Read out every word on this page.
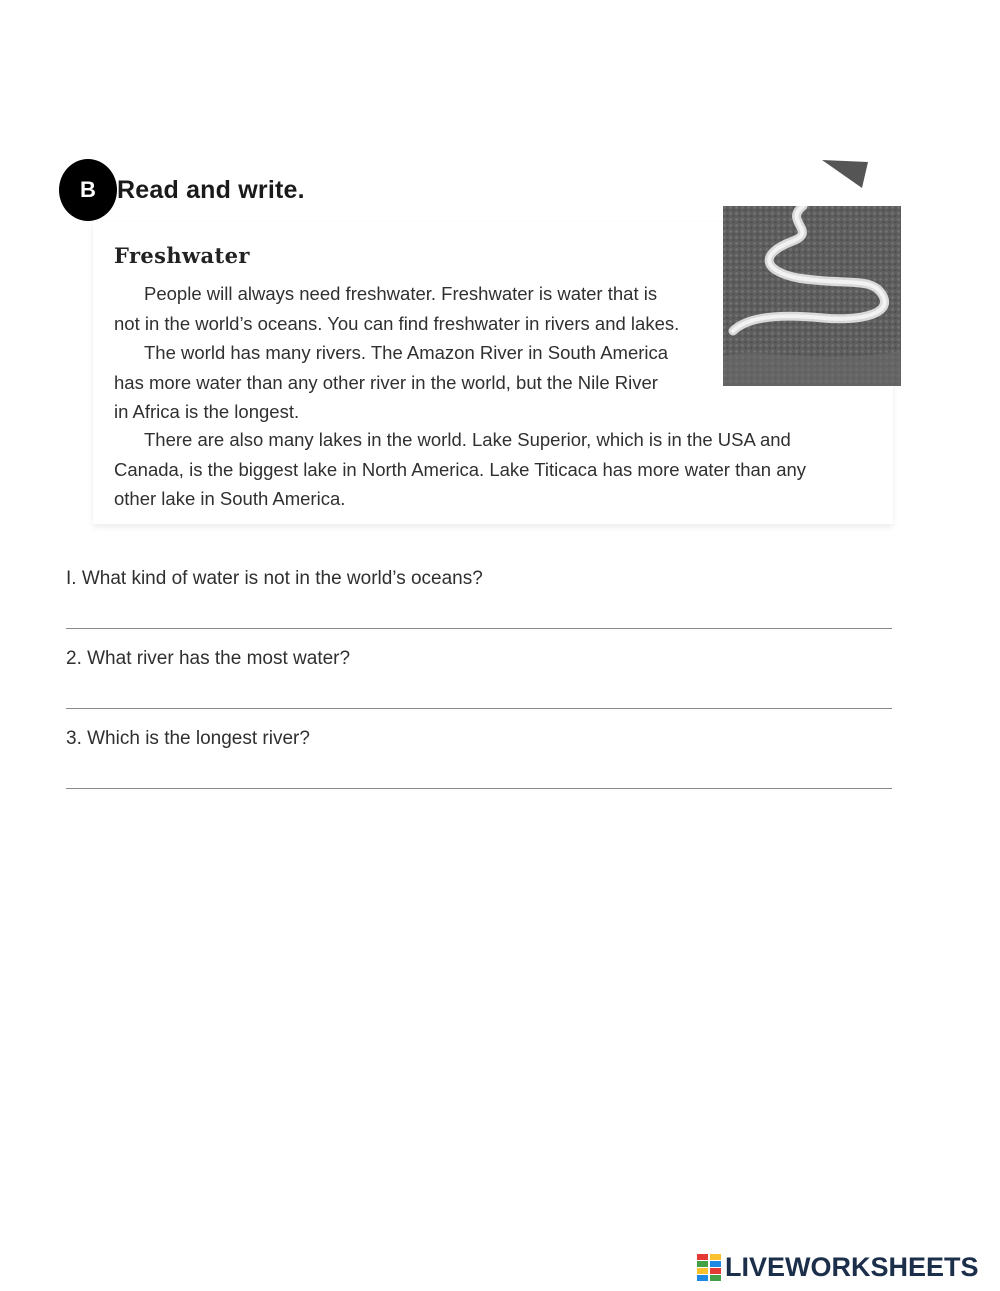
B Read and write.
Freshwater

People will always need freshwater. Freshwater is water that is
not in the world’s oceans. You can find freshwater in rivers and lakes.

The world has many rivers. The Amazon River in South America
has more water than any other river in the world, but the Nile River
in Africa is the longest.

There are also many lakes in the world. Lake Superior, which is in the USA and
Canada, is the biggest lake in North America. Lake Titicaca has more water than any
other lake in South America.

I. What kind of water is not in the world’s oceans?
2. What river has the most water?
3. Which is the longest river?
LIVEWORKSHEETS
